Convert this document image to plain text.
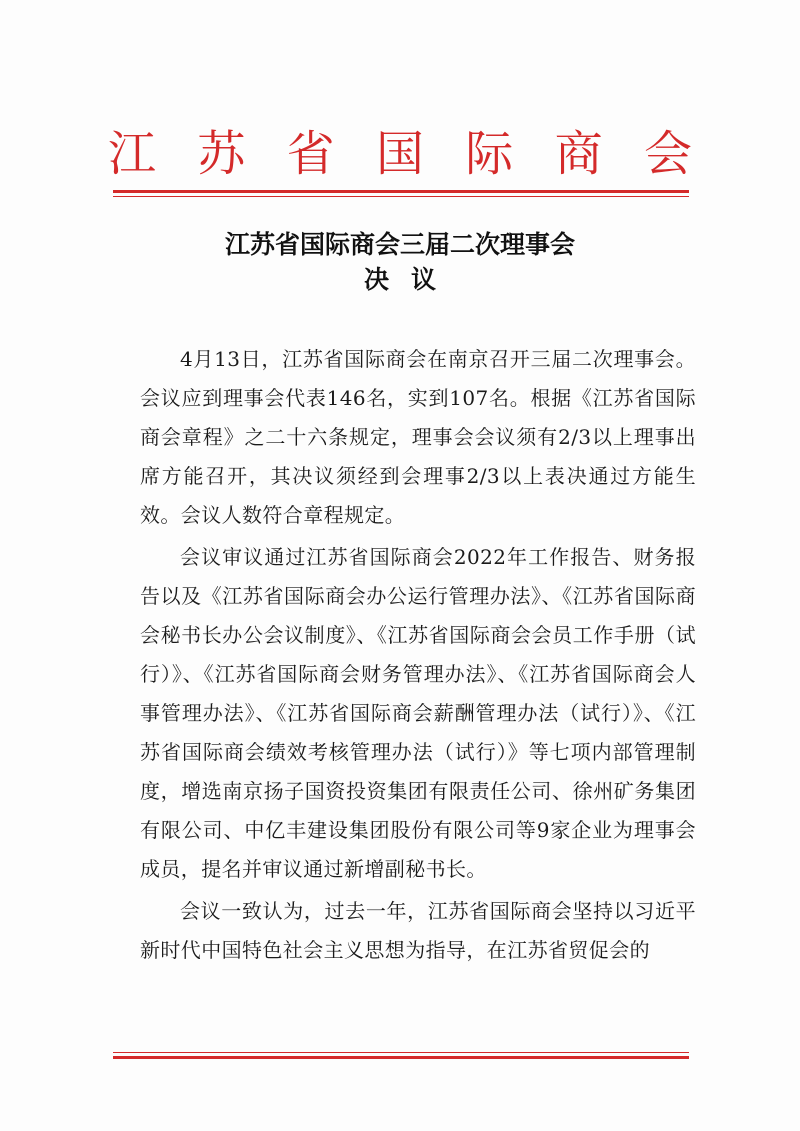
江 苏 省 国 际 商 会
江苏省国际商会三届二次理事会
决议

4月13日，江苏省国际商会在南京召开三届二次理事会。会议应到理事会代表146名，实到107名。根据《江苏省国际商会章程》之二十六条规定，理事会会议须有2/3以上理事出席方能召开，其决议须经到会理事2/3以上表决通过方能生效。会议人数符合章程规定。

会议审议通过江苏省国际商会2022年工作报告、财务报告以及《江苏省国际商会办公运行管理办法》、《江苏省国际商会秘书长办公会议制度》、《江苏省国际商会会员工作手册（试行）》、《江苏省国际商会财务管理办法》、《江苏省国际商会人事管理办法》、《江苏省国际商会薪酬管理办法（试行）》、《江苏省国际商会绩效考核管理办法（试行）》等七项内部管理制度，增选南京扬子国资投资集团有限责任公司、徐州矿务集团有限公司、中亿丰建设集团股份有限公司等9家企业为理事会成员，提名并审议通过新增副秘书长。

会议一致认为，过去一年，江苏省国际商会坚持以习近平新时代中国特色社会主义思想为指导，在江苏省贸促会的
